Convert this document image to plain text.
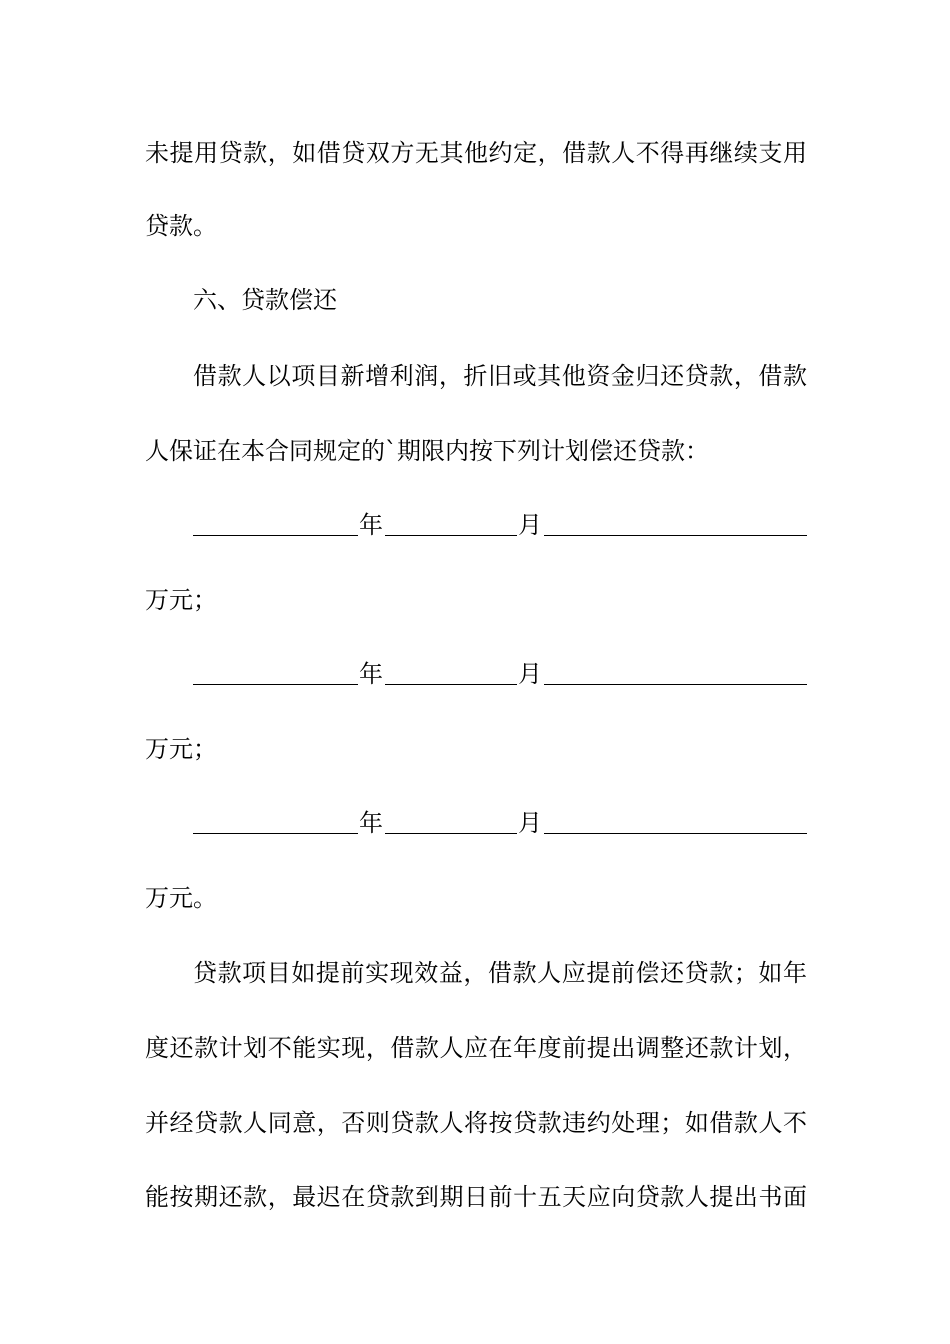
未提用贷款，如借贷双方无其他约定，借款人不得再继续支用
贷款。
六、贷款偿还
借款人以项目新增利润，折旧或其他资金归还贷款，借款
人保证在本合同规定的`期限内按下列计划偿还贷款：
年	月
万元；
年	月
万元；
年	月
万元。
贷款项目如提前实现效益，借款人应提前偿还贷款；如年
度还款计划不能实现，借款人应在年度前提出调整还款计划，
并经贷款人同意，否则贷款人将按贷款违约处理；如借款人不
能按期还款，最迟在贷款到期日前十五天应向贷款人提出书面
